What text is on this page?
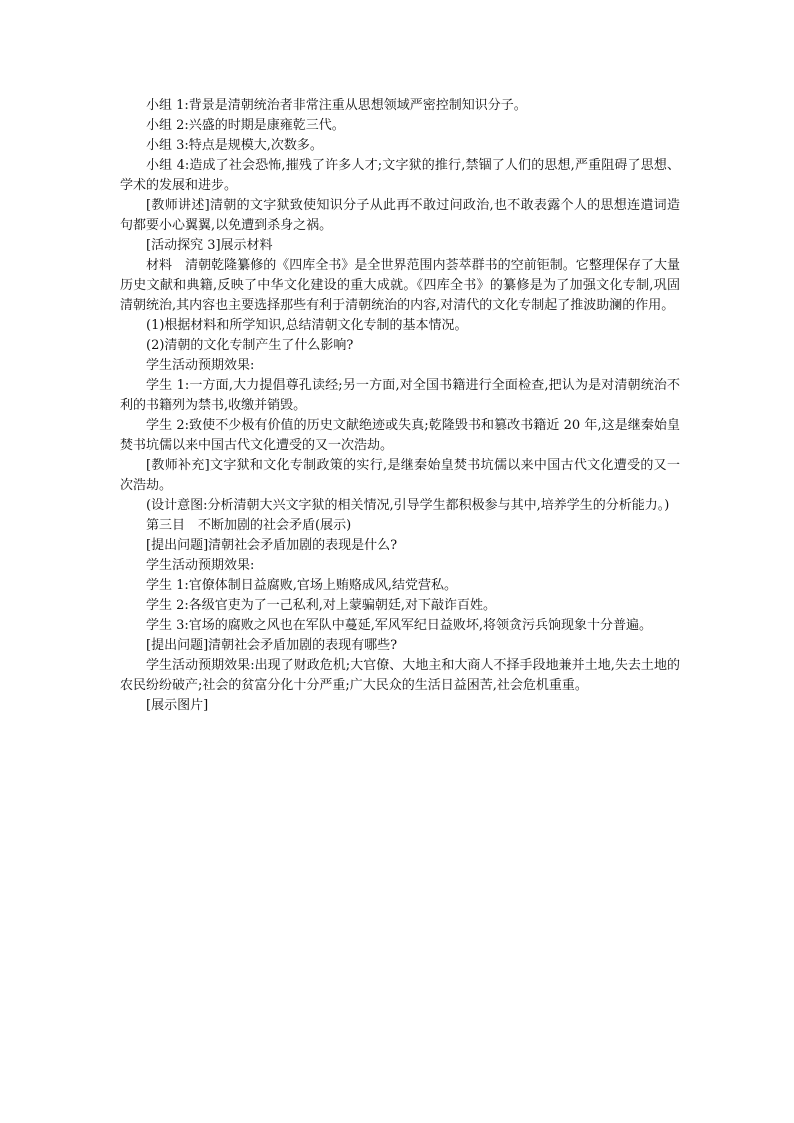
小组 1:背景是清朝统治者非常注重从思想领域严密控制知识分子。

小组 2:兴盛的时期是康雍乾三代。

小组 3:特点是规模大,次数多。

小组 4:造成了社会恐怖,摧残了许多人才;文字狱的推行,禁锢了人们的思想,严重阻碍了思想、学术的发展和进步。

[教师讲述]清朝的文字狱致使知识分子从此再不敢过问政治,也不敢表露个人的思想连遣词造句都要小心翼翼,以免遭到杀身之祸。

[活动探究 3]展示材料

材料　清朝乾隆纂修的《四库全书》是全世界范围内荟萃群书的空前钜制。它整理保存了大量历史文献和典籍,反映了中华文化建设的重大成就。《四库全书》的纂修是为了加强文化专制,巩固清朝统治,其内容也主要选择那些有利于清朝统治的内容,对清代的文化专制起了推波助澜的作用。

(1)根据材料和所学知识,总结清朝文化专制的基本情况。

(2)清朝的文化专制产生了什么影响?

学生活动预期效果:

学生 1:一方面,大力提倡尊孔读经;另一方面,对全国书籍进行全面检查,把认为是对清朝统治不利的书籍列为禁书,收缴并销毁。

学生 2:致使不少极有价值的历史文献绝迹或失真;乾隆毁书和篡改书籍近 20 年,这是继秦始皇焚书坑儒以来中国古代文化遭受的又一次浩劫。

[教师补充]文字狱和文化专制政策的实行,是继秦始皇焚书坑儒以来中国古代文化遭受的又一次浩劫。

(设计意图:分析清朝大兴文字狱的相关情况,引导学生都积极参与其中,培养学生的分析能力。)

第三目　不断加剧的社会矛盾(展示)

[提出问题]清朝社会矛盾加剧的表现是什么?

学生活动预期效果:

学生 1:官僚体制日益腐败,官场上贿赂成风,结党营私。

学生 2:各级官吏为了一己私利,对上蒙骗朝廷,对下敲诈百姓。

学生 3:官场的腐败之风也在军队中蔓延,军风军纪日益败坏,将领贪污兵饷现象十分普遍。

[提出问题]清朝社会矛盾加剧的表现有哪些?

学生活动预期效果:出现了财政危机;大官僚、大地主和大商人不择手段地兼并土地,失去土地的农民纷纷破产;社会的贫富分化十分严重;广大民众的生活日益困苦,社会危机重重。

[展示图片]
